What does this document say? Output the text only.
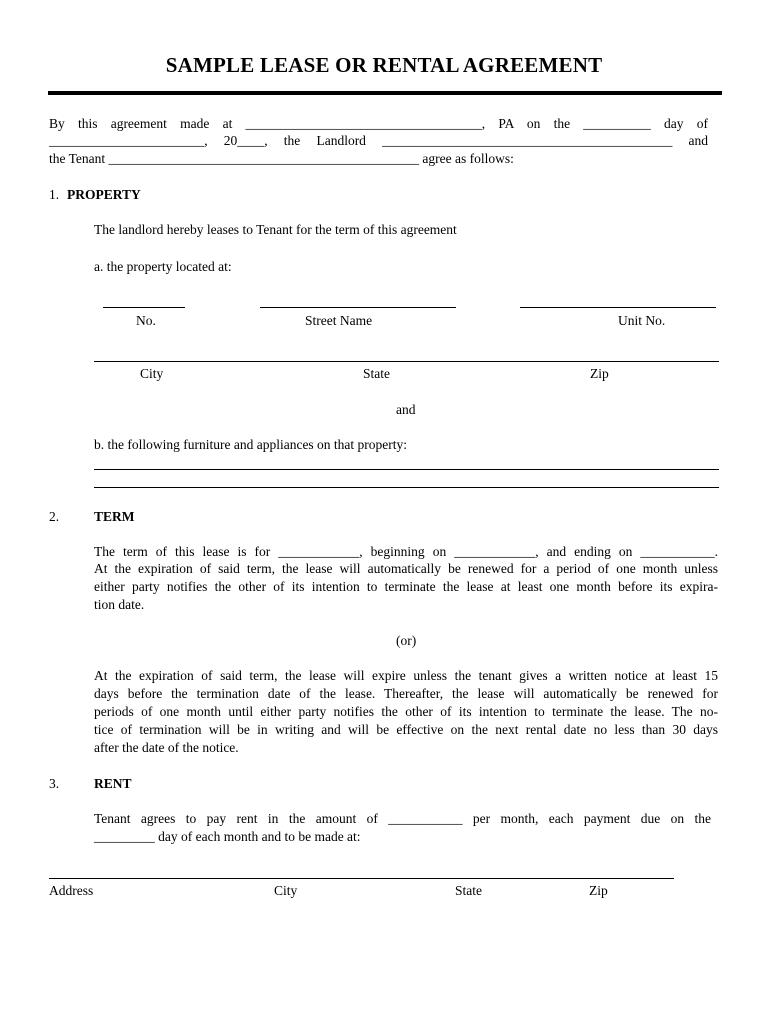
SAMPLE LEASE OR RENTAL AGREEMENT
By this agreement made at ___________________________________, PA on the __________ day of
_______________________, 20____, the Landlord ___________________________________________ and
the Tenant ______________________________________________ agree as follows:
1. PROPERTY
The landlord hereby leases to Tenant for the term of this agreement
a. the property located at:
No.	Street Name	Unit No.
City	State	Zip
and
b. the following furniture and appliances on that property:
2.	TERM
The term of this lease is for ____________, beginning on ____________, and ending on ___________.
At the expiration of said term, the lease will automatically be renewed for a period of one month unless
either party notifies the other of its intention to terminate the lease at least one month before its expira-
tion date.
(or)
At the expiration of said term, the lease will expire unless the tenant gives a written notice at least 15
days before the termination date of the lease. Thereafter, the lease will automatically be renewed for
periods of one month until either party notifies the other of its intention to terminate the lease. The no-
tice of termination will be in writing and will be effective on the next rental date no less than 30 days
after the date of the notice.
3.	RENT
Tenant agrees to pay rent in the amount of ___________ per month, each payment due on the
_________ day of each month and to be made at:
Address	City	State	Zip
